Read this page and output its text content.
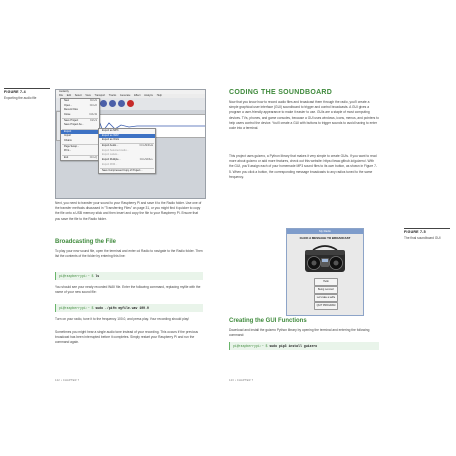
FIGURE 7-4
Exporting the audio file
Audacity
File Edit Select View Transport Tracks Generate Effect Analyze Help
New	Ctrl+N
Open...	Ctrl+O
Recent Files
Close	Ctrl+W
Save Project	Ctrl+S
Save Project As...
Export
Import
Chains
Page Setup...
Print...
Exit	Ctrl+Q
Export as MP3
Export as WAV
Export as OGG
Export Audio...	Ctrl+Shift+E
Export Selected Audio...
Export Labels...
Export Multiple...	Ctrl+Shift+L
Export MIDI...
Save Compressed Copy of Project...
Next, you need to transfer your sound to your Raspberry Pi and save it to the Radio folder. Use one of the transfer methods discussed in "Transferring Files" on page 31, or you might find it quicker to copy the file onto a USB memory stick and then insert and copy the file to your Raspberry Pi. Ensure that you save the file to the Radio folder.
Broadcasting the File
To play your new sound file, open the terminal and enter cd Radio to navigate to the Radio folder. Then list the contents of the folder by entering this line:
pi@raspberrypi:~ $ ls
You should see your newly recorded WAV file. Enter the following command, replacing myfile with the name of your new sound file:
pi@raspberrypi:~ $ sudo ./pifm myfile.wav 100.0
Turn on your radio, tune it to the frequency 100.0, and press play. Your recording should play!
Sometimes you might hear a single audio tone instead of your recording. This occurs if the previous broadcast has been interrupted before it completes. Simply restart your Raspberry Pi and run the command again.
122 • CHAPTER 7
CODING THE SOUNDBOARD
Now that you know how to record audio files and broadcast them through the radio, you'll create a simple graphical user interface (GUI) soundboard to trigger and control broadcasts. A GUI gives a program a user-friendly appearance to make it easier to use. GUIs are a staple of most computing devices. TVs, phones, and game consoles, because a GUI uses windows, icons, menus, and pointers to help users control the device. You'll create a GUI with buttons to trigger sounds to avoid having to enter code into a terminal.
This project uses guizero, a Python library that makes it very simple to create GUIs. If you want to read more about guizero or add more features, check out this website: https://www.github.io/guizero/. With the GUI, you'll assign each of your homemade MP3 sound files to its own button, as shown in Figure 7-5. When you click a button, the corresponding message broadcasts to any radios tuned to the same frequency.
FIGURE 7-5
The final soundboard GUI
My Radio
CLICK A MESSAGE TO BROADCAST
Hello
Being nervous!
Let's take a selfie
QUIT PROGRAM
Creating the GUI Functions
Download and install the guizero Python library by opening the terminal and entering the following command:
pi@raspberrypi:~ $ sudo pip3 install guizero
123 • CHAPTER 7
